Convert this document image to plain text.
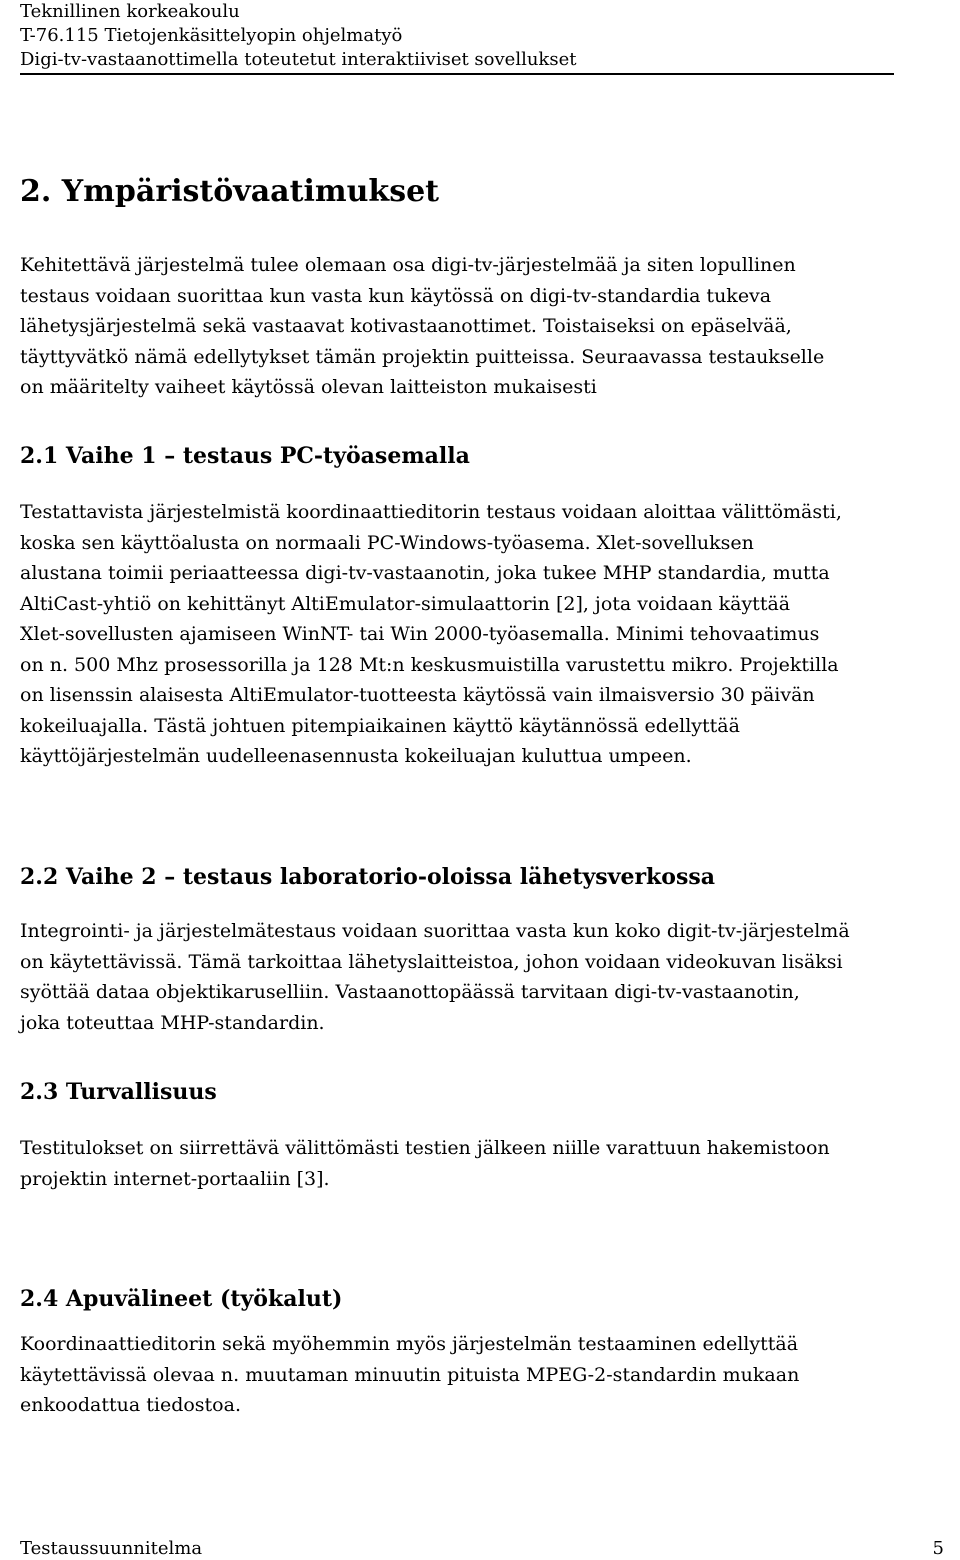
Teknillinen korkeakoulu
T-76.115 Tietojenkäsittelyopin ohjelmatyö
Digi-tv-vastaanottimella toteutetut interaktiiviset sovellukset
2. Ympäristövaatimukset
Kehitettävä järjestelmä tulee olemaan osa digi-tv-järjestelmää ja siten lopullinen
testaus voidaan suorittaa kun vasta kun käytössä on digi-tv-standardia tukeva
lähetysjärjestelmä sekä vastaavat kotivastaanottimet. Toistaiseksi on epäselvää,
täyttyvätkö nämä edellytykset tämän projektin puitteissa. Seuraavassa testaukselle
on määritelty vaiheet käytössä olevan laitteiston mukaisesti
2.1 Vaihe 1 – testaus PC-työasemalla
Testattavista järjestelmistä koordinaattieditorin testaus voidaan aloittaa välittömästi,
koska sen käyttöalusta on normaali PC-Windows-työasema. Xlet-sovelluksen
alustana toimii periaatteessa digi-tv-vastaanotin, joka tukee MHP standardia, mutta
AltiCast-yhtiö on kehittänyt AltiEmulator-simulaattorin [2], jota voidaan käyttää
Xlet-sovellusten ajamiseen WinNT- tai Win 2000-työasemalla. Minimi tehovaatimus
on n. 500 Mhz prosessorilla ja 128 Mt:n keskusmuistilla varustettu mikro. Projektilla
on lisenssin alaisesta AltiEmulator-tuotteesta käytössä vain ilmaisversio 30 päivän
kokeiluajalla. Tästä johtuen pitempiaikainen käyttö käytännössä edellyttää
käyttöjärjestelmän uudelleenasennusta kokeiluajan kuluttua umpeen.
2.2 Vaihe 2 – testaus laboratorio-oloissa lähetysverkossa
Integrointi- ja järjestelmätestaus voidaan suorittaa vasta kun koko digit-tv-järjestelmä
on käytettävissä. Tämä tarkoittaa lähetyslaitteistoa, johon voidaan videokuvan lisäksi
syöttää dataa objektikaruselliin. Vastaanottopäässä tarvitaan digi-tv-vastaanotin,
joka toteuttaa MHP-standardin.
2.3 Turvallisuus
Testitulokset on siirrettävä välittömästi testien jälkeen niille varattuun hakemistoon
projektin internet-portaaliin [3].
2.4 Apuvälineet (työkalut)
Koordinaattieditorin sekä myöhemmin myös järjestelmän testaaminen edellyttää
käytettävissä olevaa n. muutaman minuutin pituista MPEG-2-standardin mukaan
enkoodattua tiedostoa.
Testaussuunnitelma	5
